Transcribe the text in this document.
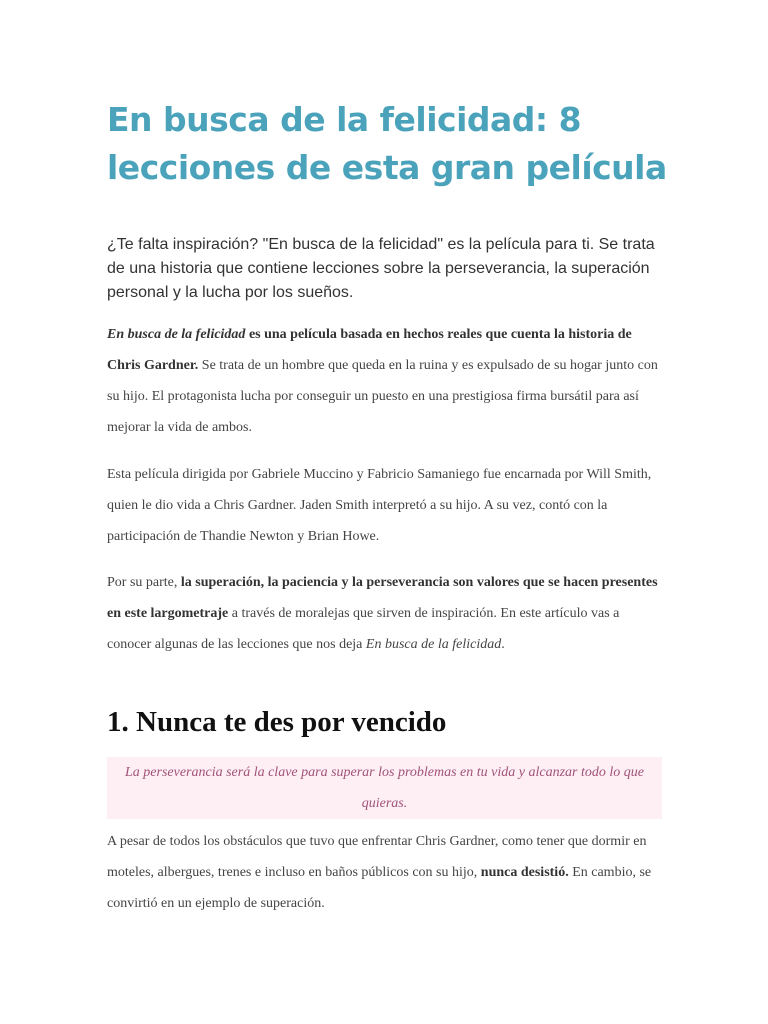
En busca de la felicidad: 8 lecciones de esta gran película

¿Te falta inspiración? "En busca de la felicidad" es la película para ti. Se trata de una historia que contiene lecciones sobre la perseverancia, la superación personal y la lucha por los sueños.

En busca de la felicidad es una película basada en hechos reales que cuenta la historia de Chris Gardner. Se trata de un hombre que queda en la ruina y es expulsado de su hogar junto con su hijo. El protagonista lucha por conseguir un puesto en una prestigiosa firma bursátil para así mejorar la vida de ambos.

Esta película dirigida por Gabriele Muccino y Fabricio Samaniego fue encarnada por Will Smith, quien le dio vida a Chris Gardner. Jaden Smith interpretó a su hijo. A su vez, contó con la participación de Thandie Newton y Brian Howe.

Por su parte, la superación, la paciencia y la perseverancia son valores que se hacen presentes en este largometraje a través de moralejas que sirven de inspiración. En este artículo vas a conocer algunas de las lecciones que nos deja En busca de la felicidad.

1. Nunca te des por vencido
La perseverancia será la clave para superar los problemas en tu vida y alcanzar todo lo que quieras.

A pesar de todos los obstáculos que tuvo que enfrentar Chris Gardner, como tener que dormir en moteles, albergues, trenes e incluso en baños públicos con su hijo, nunca desistió. En cambio, se convirtió en un ejemplo de superación.
